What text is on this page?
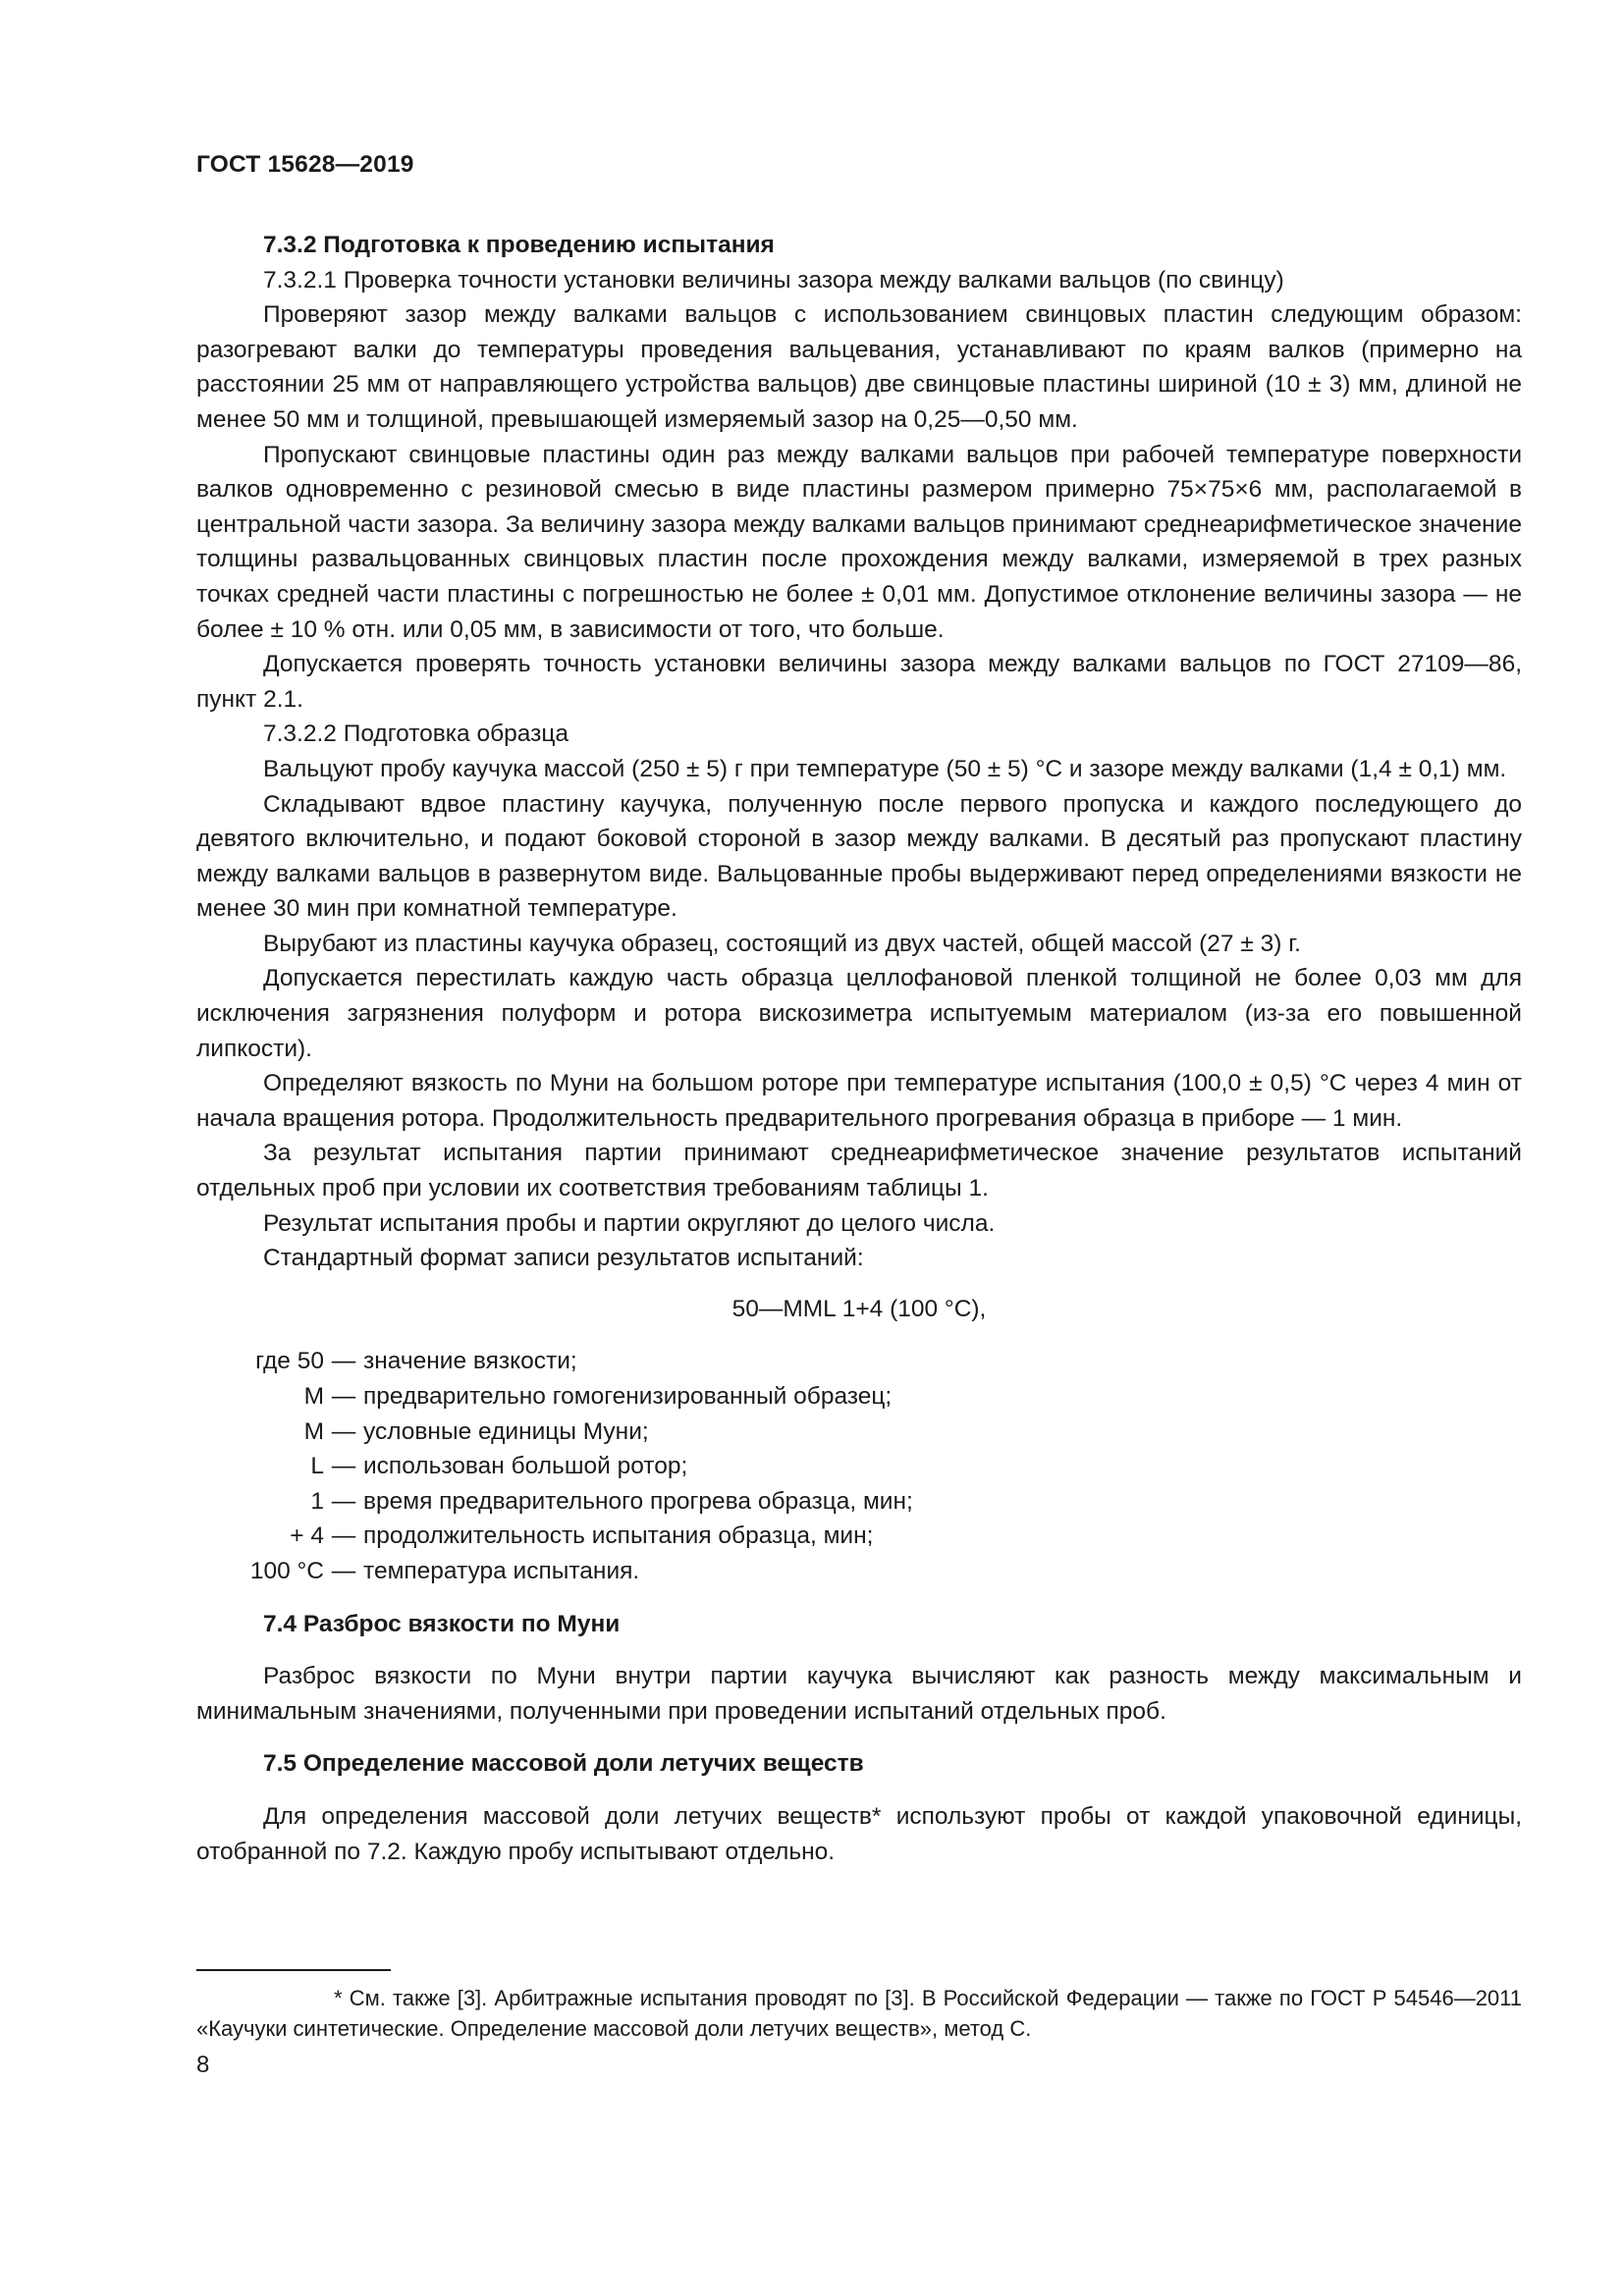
ГОСТ 15628—2019
7.3.2 Подготовка к проведению испытания

7.3.2.1 Проверка точности установки величины зазора между валками вальцов (по свинцу)

Проверяют зазор между валками вальцов с использованием свинцовых пластин следующим образом: разогревают валки до температуры проведения вальцевания, устанавливают по краям валков (примерно на расстоянии 25 мм от направляющего устройства вальцов) две свинцовые пластины шириной (10 ± 3) мм, длиной не менее 50 мм и толщиной, превышающей измеряемый зазор на 0,25—0,50 мм.

Пропускают свинцовые пластины один раз между валками вальцов при рабочей температуре поверхности валков одновременно с резиновой смесью в виде пластины размером примерно 75×75×6 мм, располагаемой в центральной части зазора. За величину зазора между валками вальцов принимают среднеарифметическое значение толщины развальцованных свинцовых пластин после прохождения между валками, измеряемой в трех разных точках средней части пластины с погрешностью не более ± 0,01 мм. Допустимое отклонение величины зазора — не более ± 10 % отн. или 0,05 мм, в зависимости от того, что больше.

Допускается проверять точность установки величины зазора между валками вальцов по ГОСТ 27109—86, пункт 2.1.

7.3.2.2 Подготовка образца

Вальцуют пробу каучука массой (250 ± 5) г при температуре (50 ± 5) °С и зазоре между валками (1,4 ± 0,1) мм.

Складывают вдвое пластину каучука, полученную после первого пропуска и каждого последующего до девятого включительно, и подают боковой стороной в зазор между валками. В десятый раз пропускают пластину между валками вальцов в развернутом виде. Вальцованные пробы выдерживают перед определениями вязкости не менее 30 мин при комнатной температуре.

Вырубают из пластины каучука образец, состоящий из двух частей, общей массой (27 ± 3) г.

Допускается перестилать каждую часть образца целлофановой пленкой толщиной не более 0,03 мм для исключения загрязнения полуформ и ротора вискозиметра испытуемым материалом (из-за его повышенной липкости).

Определяют вязкость по Муни на большом роторе при температуре испытания (100,0 ± 0,5) °С через 4 мин от начала вращения ротора. Продолжительность предварительного прогревания образца в приборе — 1 мин.

За результат испытания партии принимают среднеарифметическое значение результатов испытаний отдельных проб при условии их соответствия требованиям таблицы 1.

Результат испытания пробы и партии округляют до целого числа.

Стандартный формат записи результатов испытаний:

50—MML 1+4 (100 °С),
где 50 — значение вязкости;
M — предварительно гомогенизированный образец;
M — условные единицы Муни;
L — использован большой ротор;
1 — время предварительного прогрева образца, мин;
+ 4 — продолжительность испытания образца, мин;
100 °С — температура испытания.
7.4 Разброс вязкости по Муни

Разброс вязкости по Муни внутри партии каучука вычисляют как разность между максимальным и минимальным значениями, полученными при проведении испытаний отдельных проб.

7.5 Определение массовой доли летучих веществ

Для определения массовой доли летучих веществ* используют пробы от каждой упаковочной единицы, отобранной по 7.2. Каждую пробу испытывают отдельно.

* См. также [3]. Арбитражные испытания проводят по [3]. В Российской Федерации — также по ГОСТ Р 54546—2011 «Каучуки синтетические. Определение массовой доли летучих веществ», метод С.
8
